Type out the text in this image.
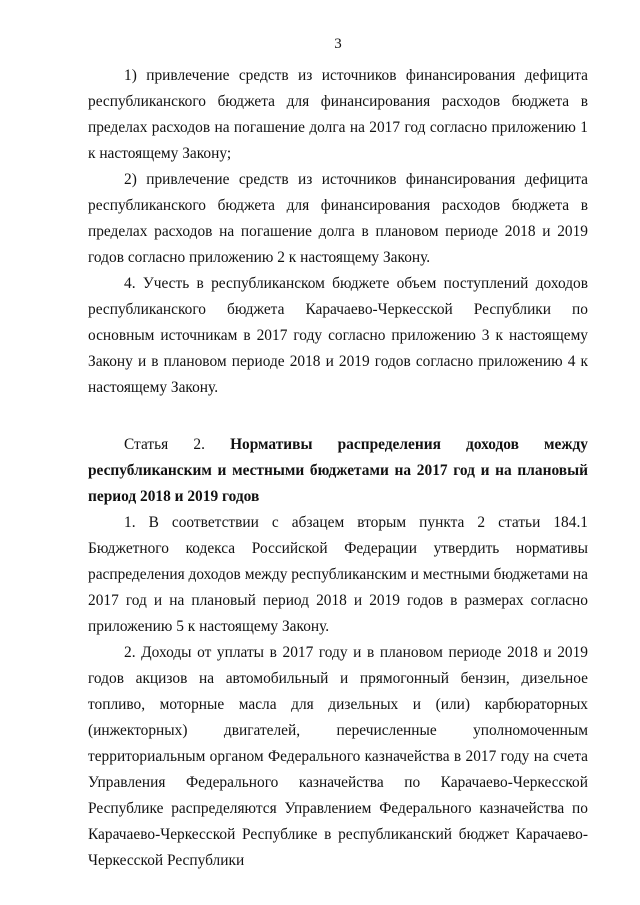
3

1) привлечение средств из источников финансирования дефицита республиканского бюджета для финансирования расходов бюджета в пределах расходов на погашение долга на 2017 год согласно приложению 1 к настоящему Закону;

2) привлечение средств из источников финансирования дефицита республиканского бюджета для финансирования расходов бюджета в пределах расходов на погашение долга в плановом периоде 2018 и 2019 годов согласно приложению 2 к настоящему Закону.

4. Учесть в республиканском бюджете объем поступлений доходов республиканского бюджета Карачаево-Черкесской Республики по основным источникам в 2017 году согласно приложению 3 к настоящему Закону и в плановом периоде 2018 и 2019 годов согласно приложению 4 к настоящему Закону.

Статья 2. Нормативы распределения доходов между республиканским и местными бюджетами на 2017 год и на плановый период 2018 и 2019 годов

1. В соответствии с абзацем вторым пункта 2 статьи 184.1 Бюджетного кодекса Российской Федерации утвердить нормативы распределения доходов между республиканским и местными бюджетами на 2017 год и на плановый период 2018 и 2019 годов в размерах согласно приложению 5 к настоящему Закону.

2. Доходы от уплаты в 2017 году и в плановом периоде 2018 и 2019 годов акцизов на автомобильный и прямогонный бензин, дизельное топливо, моторные масла для дизельных и (или) карбюраторных (инжекторных) двигателей, перечисленные уполномоченным территориальным органом Федерального казначейства в 2017 году на счета Управления Федерального казначейства по Карачаево-Черкесской Республике распределяются Управлением Федерального казначейства по Карачаево-Черкесской Республике в республиканский бюджет Карачаево-Черкесской Республики
